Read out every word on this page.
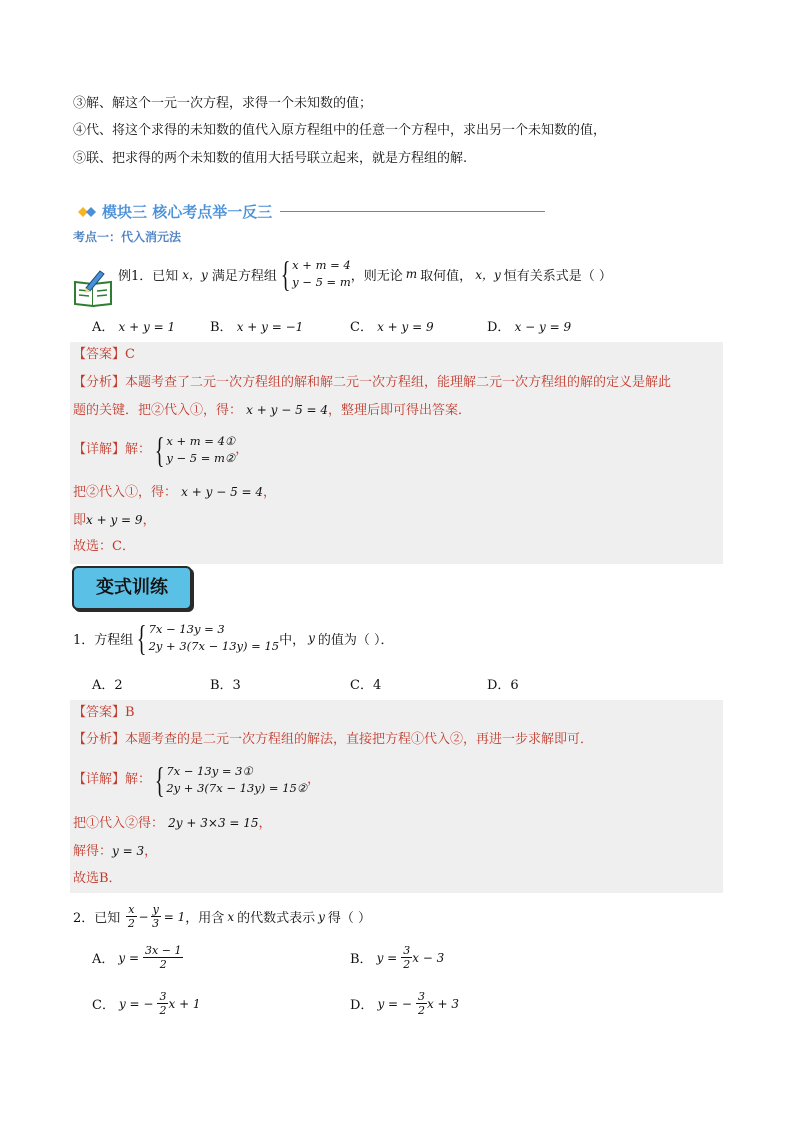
③解、解这个一元一次方程，求得一个未知数的值；
④代、将这个求得的未知数的值代入原方程组中的任意一个方程中，求出另一个未知数的值，
⑤联、把求得的两个未知数的值用大括号联立起来，就是方程组的解.
模块三 核心考点举一反三
考点一：代入消元法
例1．已知 x，y 满足方程组 { x + m = 4
y − 5 = m ，则无论 m 取何值， x，y 恒有关系式是（ ）
A． x + y = 1	B． x + y = −1	C． x + y = 9	D． x − y = 9
【答案】C
【分析】本题考查了二元一次方程组的解和解二元一次方程组，能理解二元一次方程组的解的定义是解此
题的关键．把②代入①，得： x + y − 5 = 4，整理后即可得出答案．
【详解】 解： { x + m = 4①
y − 5 = m②
，
把②代入①，得： x + y − 5 = 4，
即x + y = 9，
故选：C．
变式训练
1．方程组 { 7x − 13y = 3
2y + 3(7x − 13y) = 15 中， y 的值为（ ）．
A．2	B．3	C．4	D．6
【答案】B
【分析】本题考查的是二元一次方程组的解法，直接把方程①代入②，再进一步求解即可．
【详解】 解： { 7x − 13y = 3①
2y + 3(7x − 13y) = 15②
，
把①代入②得： 2y + 3×3 = 15，
解得：y = 3，
故选B．
2．已知 $\frac{x}{2} - \frac{y}{3} = 1$ ，用含 x 的代数式表示 y 得（ ）
A． $y = \frac{3x - 1}{2}$	B． $y = \frac{3}{2}$ x − 3
C． y = − $\frac{3}{2}$ x + 1	D． y = − $\frac{3}{2}$ x + 3
